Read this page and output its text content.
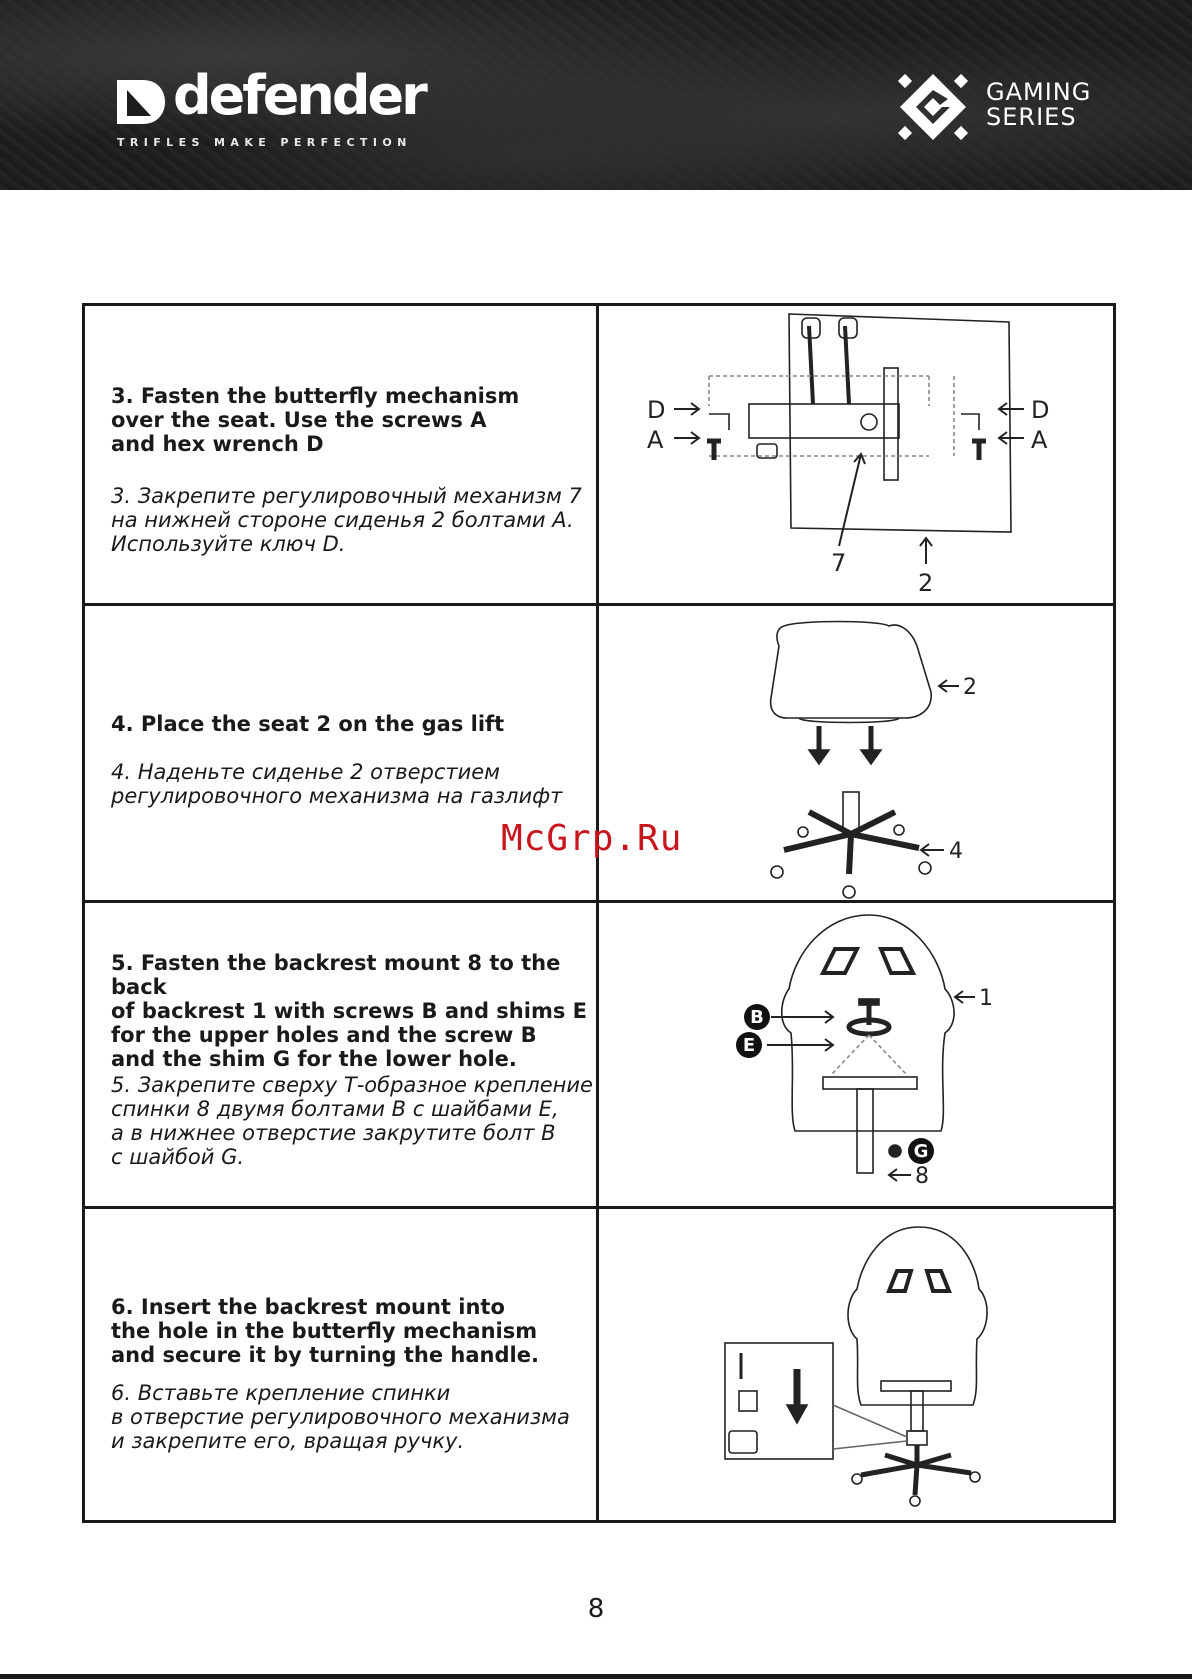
defender
TRIFLES MAKE PERFECTION
GAMING
SERIES
3. Fasten the butterfly mechanism
over the seat. Use the screws A
and hex wrench D
3. Закрепите регулировочный механизм 7
на нижней стороне сиденья 2 болтами A.
Используйте ключ D.
D
A
D
A
7
2
4. Place the seat 2 on the gas lift
4. Наденьте сиденье 2 отверстием
регулировочного механизма на газлифт
2
4
5. Fasten the backrest mount 8 to the back
of backrest 1 with screws B and shims E
for the upper holes and the screw B
and the shim G for the lower hole.
5. Закрепите сверху Т-образное крепление
спинки 8 двумя болтами B с шайбами E,
а в нижнее отверстие закрутите болт B
с шайбой G.
B
E
G
1
8
6. Insert the backrest mount into
the hole in the butterfly mechanism
and secure it by turning the handle.
6. Вставьте крепление спинки
в отверстие регулировочного механизма
и закрепите его, вращая ручку.
McGrp.Ru
8
